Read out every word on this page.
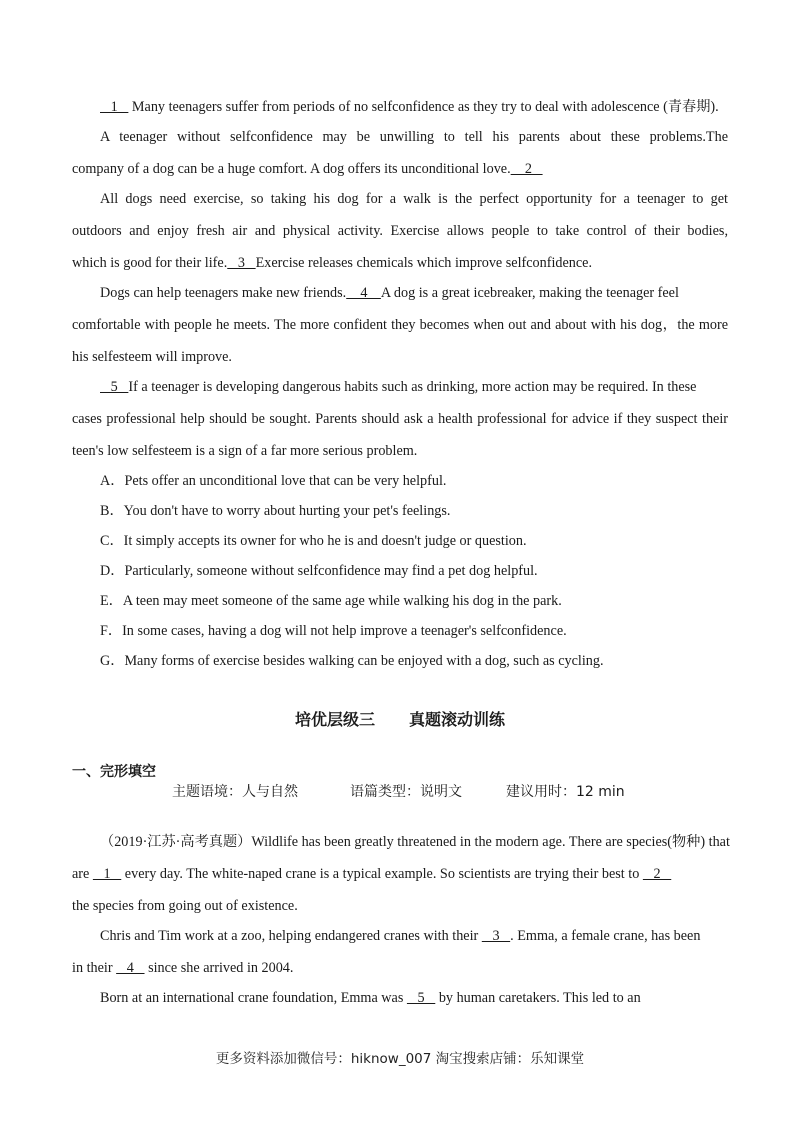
1    Many teenagers suffer from periods of no selfconfidence as they try to deal with adolescence (青春期).
A teenager without selfconfidence may be unwilling to tell his parents about these problems.The
company of a dog can be a huge comfort. A dog offers its unconditional love.    2
All dogs need exercise, so taking his dog for a walk is the perfect opportunity for a teenager to get
outdoors and enjoy fresh air and physical activity. Exercise allows people to take control of their bodies,
which is good for their life.   3   Exercise releases chemicals which improve selfconfidence.
Dogs can help teenagers make new friends.    4    A dog is a great icebreaker, making the teenager feel
comfortable with people he meets. The more confident they becomes when out and about with his dog，the more
his selfesteem will improve.
5   If a teenager is developing dangerous habits such as drinking, more action may be required. In these
cases professional help should be sought. Parents should ask a health professional for advice if they suspect their
teen's low selfesteem is a sign of a far more serious problem.
A．Pets offer an unconditional love that can be very helpful.
B．You don't have to worry about hurting your pet's feelings.
C．It simply accepts its owner for who he is and doesn't judge or question.
D．Particularly, someone without selfconfidence may find a pet dog helpful.
E．A teen may meet someone of the same age while walking his dog in the park.
F．In some cases, having a dog will not help improve a teenager's selfconfidence.
G．Many forms of exercise besides walking can be enjoyed with a dog, such as cycling.
培优层级三 真题滚动训练
一、完形填空
主题语境：人与自然	语篇类型：说明文	建议用时：12 min
（2019·江苏·高考真题）Wildlife has been greatly threatened in the modern age. There are species(物种) that
are    1    every day. The white-naped crane is a typical example. So scientists are trying their best to    2
the species from going out of existence.
Chris and Tim work at a zoo, helping endangered cranes with their    3   . Emma, a female crane, has been
in their    4    since she arrived in 2004.
Born at an international crane foundation, Emma was    5    by human caretakers. This led to an
更多资料添加微信号：hiknow_007 淘宝搜索店铺：乐知课堂
